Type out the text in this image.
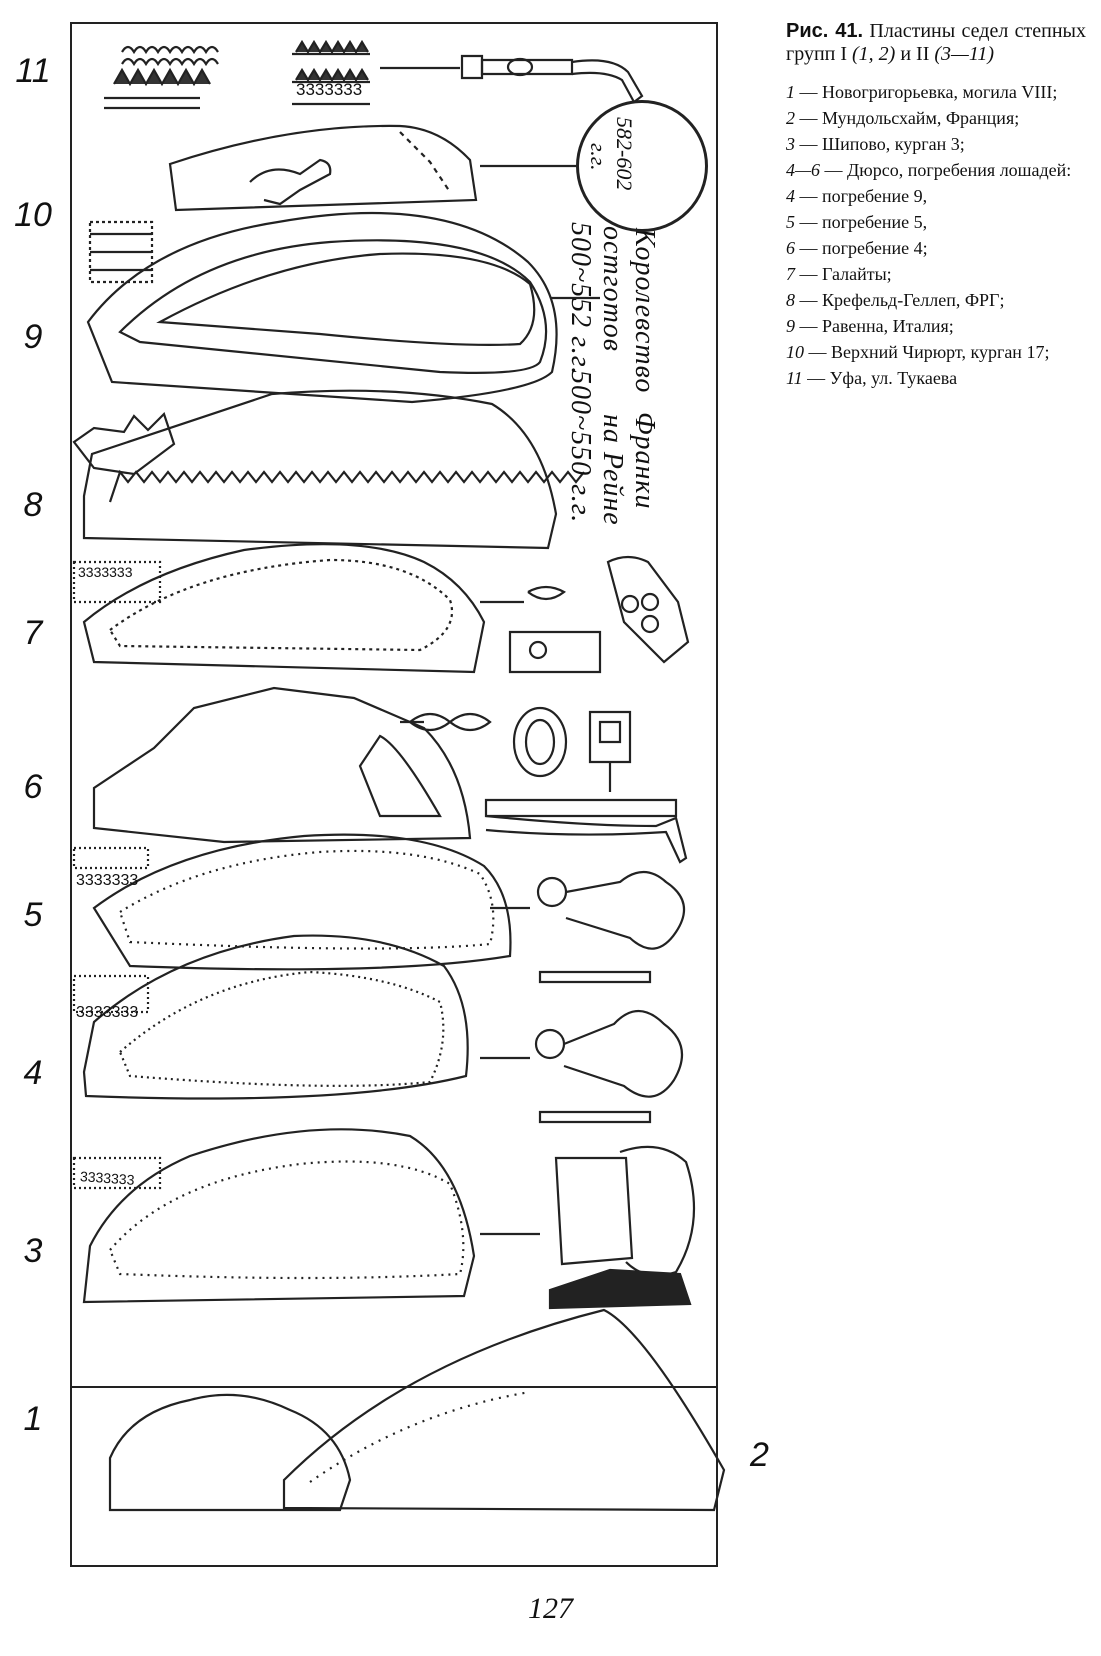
11
10
9
8
7
6
5
4
3
1
2
3333333
3333333
3333333
3333333
3333333
Франки
на Рейне
500~550 г.г.
Королевство
остготов
500~552 г.г.
582-602
г.г.
Рис. 41. Пластины седел степных групп I (1, 2) и II (3—11)
1 — Новогригорьевка, могила VIII;
2 — Мундольсхайм, Франция;
3 — Шипово, курган 3;
4—6 — Дюрсо, погребения лошадей:
4 — погребение 9,
5 — погребение 5,
6 — погребение 4;
7 — Галайты;
8 — Крефельд-Геллеп, ФРГ;
9 — Равенна, Италия;
10 — Верхний Чирюрт, курган 17;
11 — Уфа, ул. Тукаева
127
